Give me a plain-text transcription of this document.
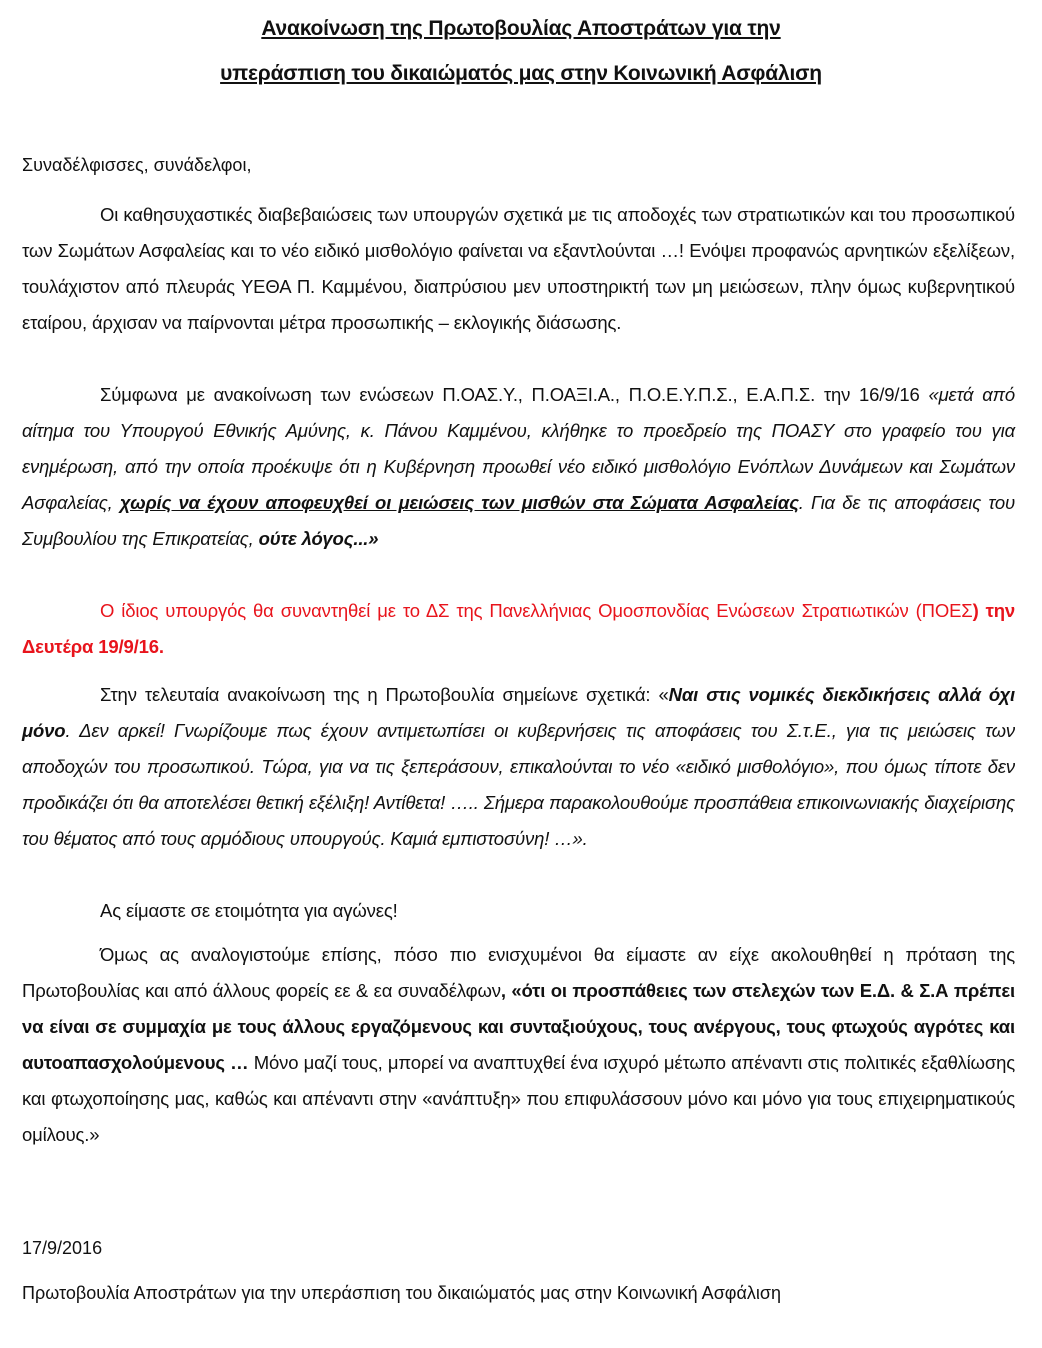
Ανακοίνωση της Πρωτοβουλίας Αποστράτων για την
υπεράσπιση του δικαιώματός μας στην Κοινωνική Ασφάλιση
Συναδέλφισσες, συνάδελφοι,
Οι καθησυχαστικές διαβεβαιώσεις των υπουργών σχετικά με τις αποδοχές των στρατιωτικών και του προσωπικού των Σωμάτων Ασφαλείας και το νέο ειδικό μισθολόγιο φαίνεται να εξαντλούνται …! Ενόψει προφανώς αρνητικών εξελίξεων, τουλάχιστον από πλευράς ΥΕΘΑ Π. Καμμένου, διαπρύσιου μεν υποστηρικτή των μη μειώσεων, πλην όμως κυβερνητικού εταίρου, άρχισαν να παίρνονται μέτρα προσωπικής – εκλογικής διάσωσης.
Σύμφωνα με ανακοίνωση των ενώσεων Π.ΟΑΣ.Υ., Π.ΟΑΞΙ.Α., Π.Ο.Ε.Υ.Π.Σ., Ε.Α.Π.Σ. την 16/9/16 «μετά από αίτημα του Υπουργού Εθνικής Αμύνης, κ. Πάνου Καμμένου, κλήθηκε το προεδρείο της ΠΟΑΣΥ στο γραφείο του για ενημέρωση, από την οποία προέκυψε ότι η Κυβέρνηση προωθεί νέο ειδικό μισθολόγιο Ενόπλων Δυνάμεων και Σωμάτων Ασφαλείας, χωρίς να έχουν αποφευχθεί οι μειώσεις των μισθών στα Σώματα Ασφαλείας. Για δε τις αποφάσεις του Συμβουλίου της Επικρατείας, ούτε λόγος...»
Ο ίδιος υπουργός θα συναντηθεί με το ΔΣ της Πανελλήνιας Ομοσπονδίας Ενώσεων Στρατιωτικών (ΠΟΕΣ) την Δευτέρα 19/9/16.
Στην τελευταία ανακοίνωση της η Πρωτοβουλία σημείωνε σχετικά: «Ναι στις νομικές διεκδικήσεις αλλά όχι μόνο. Δεν αρκεί! Γνωρίζουμε πως έχουν αντιμετωπίσει οι κυβερνήσεις τις αποφάσεις του Σ.τ.Ε., για τις μειώσεις των αποδοχών του προσωπικού. Τώρα, για να τις ξεπεράσουν, επικαλούνται το νέο «ειδικό μισθολόγιο», που όμως τίποτε δεν προδικάζει ότι θα αποτελέσει θετική εξέλιξη! Αντίθετα! ….. Σήμερα παρακολουθούμε προσπάθεια επικοινωνιακής διαχείρισης του θέματος από τους αρμόδιους υπουργούς. Καμιά εμπιστοσύνη! …».
Ας είμαστε σε ετοιμότητα για αγώνες!
Όμως ας αναλογιστούμε επίσης, πόσο πιο ενισχυμένοι θα είμαστε αν είχε ακολουθηθεί η πρόταση της Πρωτοβουλίας και από άλλους φορείς εε & εα συναδέλφων, «ότι οι προσπάθειες των στελεχών των Ε.Δ. & Σ.Α πρέπει να είναι σε συμμαχία με τους άλλους εργαζόμενους και συνταξιούχους, τους ανέργους, τους φτωχούς αγρότες και αυτοαπασχολούμενους … Μόνο μαζί τους, μπορεί να αναπτυχθεί ένα ισχυρό μέτωπο απέναντι στις πολιτικές εξαθλίωσης και φτωχοποίησης μας, καθώς και απέναντι στην «ανάπτυξη» που επιφυλάσσουν μόνο και μόνο για τους επιχειρηματικούς ομίλους.»
17/9/2016
Πρωτοβουλία Αποστράτων για την υπεράσπιση του δικαιώματός μας στην Κοινωνική Ασφάλιση
